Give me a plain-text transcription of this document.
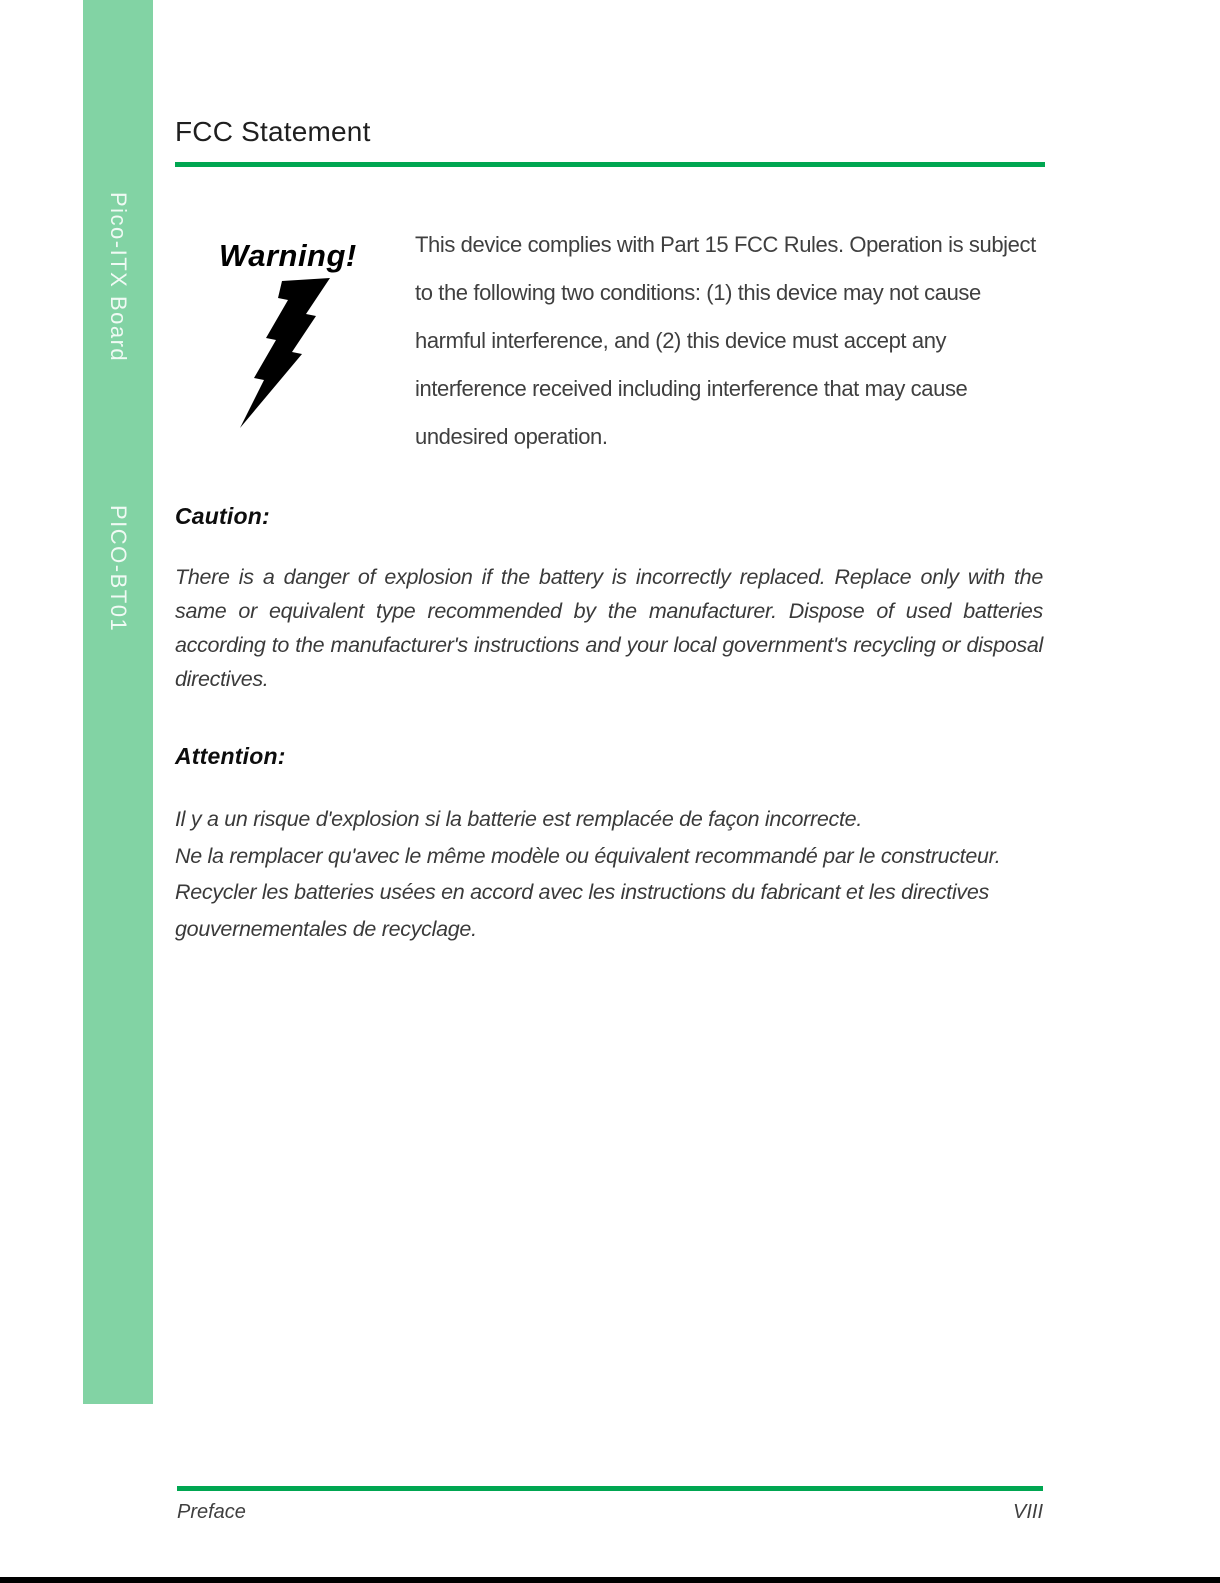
Pico-ITX Board
PICO-BT01
FCC Statement
Warning!	This device complies with Part 15 FCC Rules. Operation is subject to the following two conditions: (1) this device may not cause harmful interference, and (2) this device must accept any interference received including interference that may cause undesired operation.

Caution:

There is a danger of explosion if the battery is incorrectly replaced. Replace only with the same or equivalent type recommended by the manufacturer. Dispose of used batteries according to the manufacturer's instructions and your local government's recycling or disposal directives.

Attention:
Il y a un risque d'explosion si la batterie est remplacée de façon incorrecte.
Ne la remplacer qu'avec le même modèle ou équivalent recommandé par le constructeur.
Recycler les batteries usées en accord avec les instructions du fabricant et les directives
gouvernementales de recyclage.
Preface	VIII
